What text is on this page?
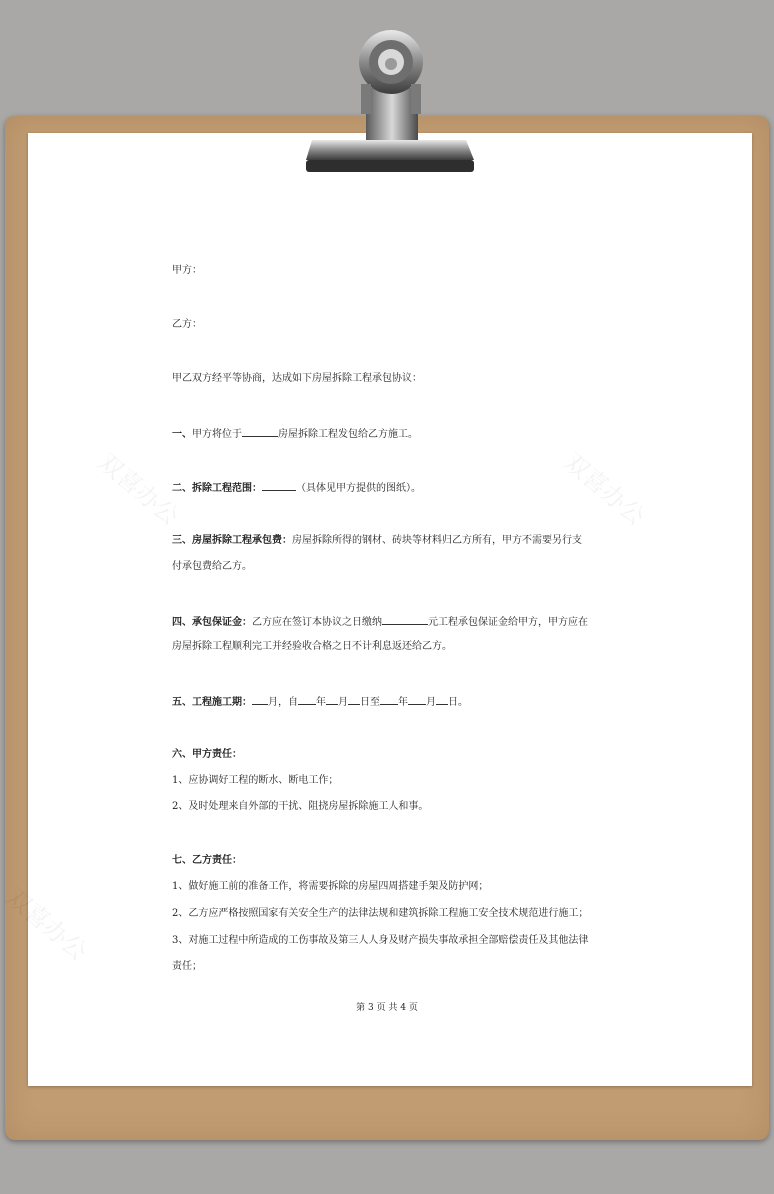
双喜办公	双喜办公
双喜办公
甲方：
乙方：
甲乙双方经平等协商，达成如下房屋拆除工程承包协议：
一、甲方将位于	房屋拆除工程发包给乙方施工。
二、拆除工程范围：	（具体见甲方提供的图纸）。
三、房屋拆除工程承包费：房屋拆除所得的钢材、砖块等材料归乙方所有，甲方不需要另行支
付承包费给乙方。
四、承包保证金：乙方应在签订本协议之日缴纳	元工程承包保证金给甲方，甲方应在
房屋拆除工程顺利完工并经验收合格之日不计利息返还给乙方。
五、工程施工期： 月，自 年 月 日至 年 月 日。
六、甲方责任：
1、应协调好工程的断水、断电工作；
2、及时处理来自外部的干扰、阻挠房屋拆除施工人和事。
七、乙方责任：
1、做好施工前的准备工作，将需要拆除的房屋四周搭建手架及防护网；
2、乙方应严格按照国家有关安全生产的法律法规和建筑拆除工程施工安全技术规范进行施工；
3、对施工过程中所造成的工伤事故及第三人人身及财产损失事故承担全部赔偿责任及其他法律
责任；
第 3 页 共 4 页
